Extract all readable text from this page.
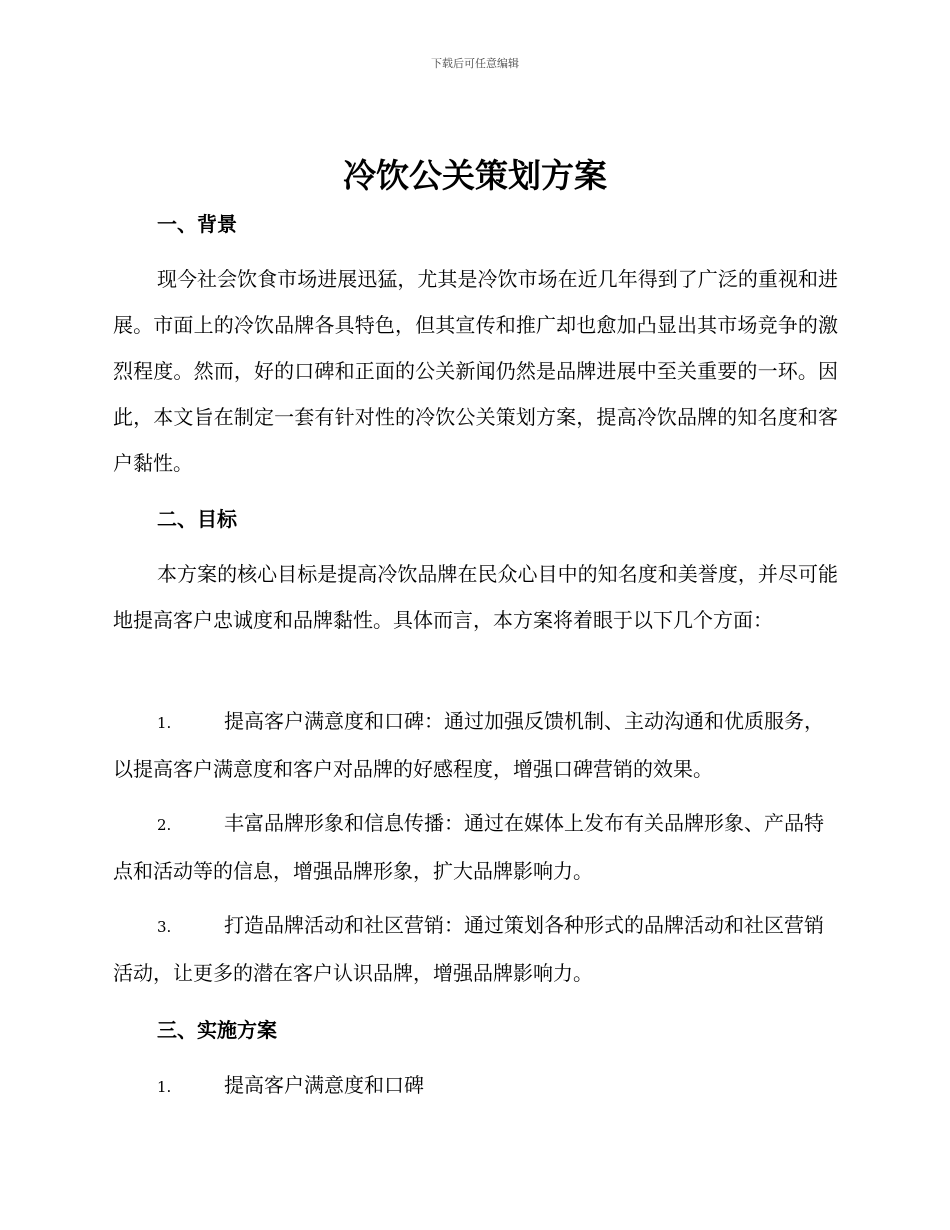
下载后可任意编辑
冷饮公关策划方案
一、背景

现今社会饮食市场进展迅猛，尤其是冷饮市场在近几年得到了广泛的重视和进展。市面上的冷饮品牌各具特色，但其宣传和推广却也愈加凸显出其市场竞争的激烈程度。然而，好的口碑和正面的公关新闻仍然是品牌进展中至关重要的一环。因此，本文旨在制定一套有针对性的冷饮公关策划方案，提高冷饮品牌的知名度和客户黏性。

二、目标

本方案的核心目标是提高冷饮品牌在民众心目中的知名度和美誉度，并尽可能地提高客户忠诚度和品牌黏性。具体而言，本方案将着眼于以下几个方面：

1.	提高客户满意度和口碑：通过加强反馈机制、主动沟通和优质服务，以提高客户满意度和客户对品牌的好感程度，增强口碑营销的效果。
2.	丰富品牌形象和信息传播：通过在媒体上发布有关品牌形象、产品特点和活动等的信息，增强品牌形象，扩大品牌影响力。
3.	打造品牌活动和社区营销：通过策划各种形式的品牌活动和社区营销活动，让更多的潜在客户认识品牌，增强品牌影响力。
三、实施方案
1.	提高客户满意度和口碑
